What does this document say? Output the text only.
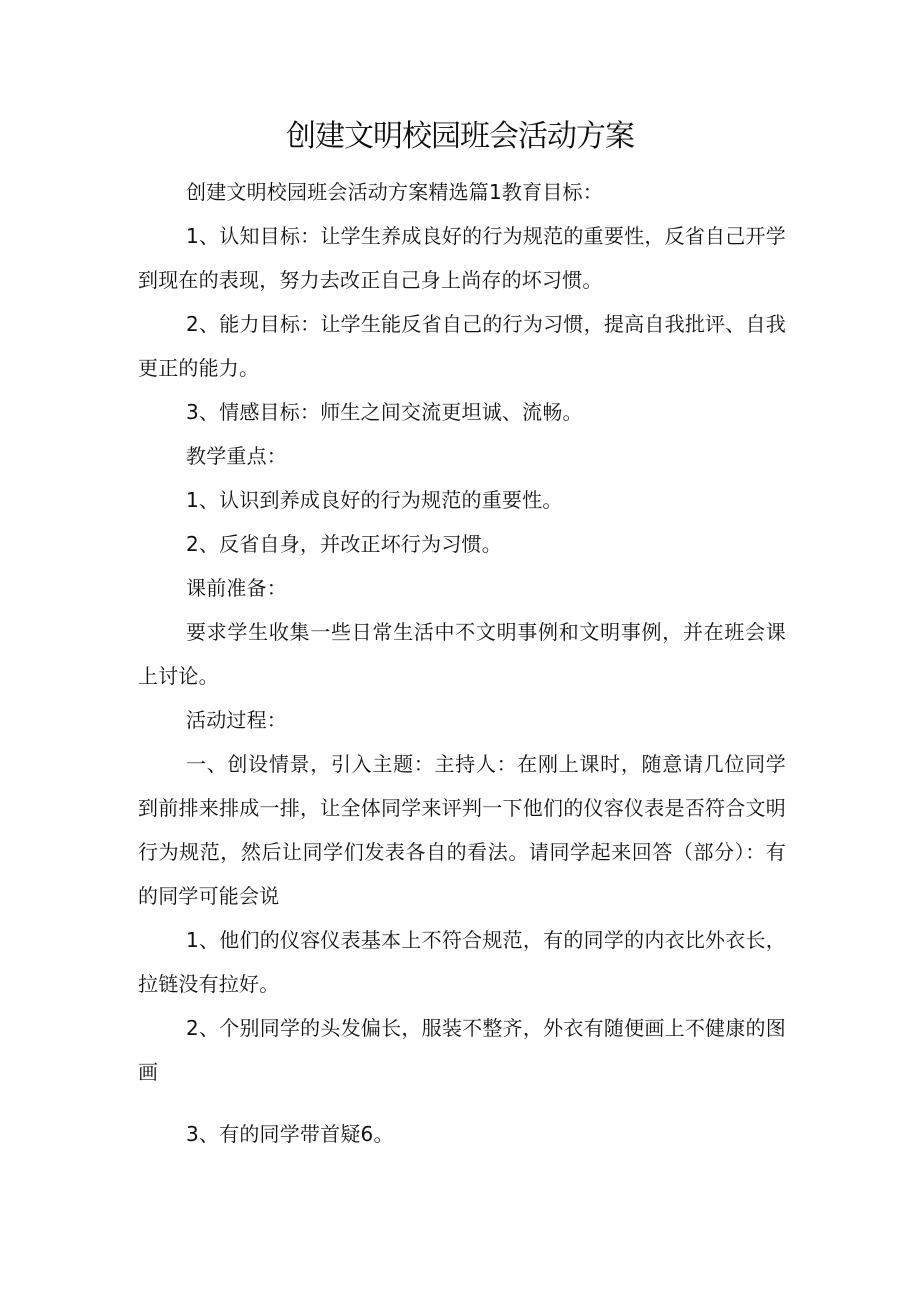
创建文明校园班会活动方案

创建文明校园班会活动方案精选篇1教育目标：

1、认知目标：让学生养成良好的行为规范的重要性，反省自己开学到现在的表现，努力去改正自己身上尚存的坏习惯。

2、能力目标：让学生能反省自己的行为习惯，提高自我批评、自我更正的能力。

3、情感目标：师生之间交流更坦诚、流畅。

教学重点：

1、认识到养成良好的行为规范的重要性。

2、反省自身，并改正坏行为习惯。

课前准备：

要求学生收集一些日常生活中不文明事例和文明事例，并在班会课上讨论。

活动过程：

一、创设情景，引入主题：主持人：在刚上课时，随意请几位同学到前排来排成一排，让全体同学来评判一下他们的仪容仪表是否符合文明行为规范，然后让同学们发表各自的看法。请同学起来回答（部分）：有的同学可能会说

1、他们的仪容仪表基本上不符合规范，有的同学的内衣比外衣长，拉链没有拉好。

2、个别同学的头发偏长，服装不整齐，外衣有随便画上不健康的图画

3、有的同学带首疑6。
